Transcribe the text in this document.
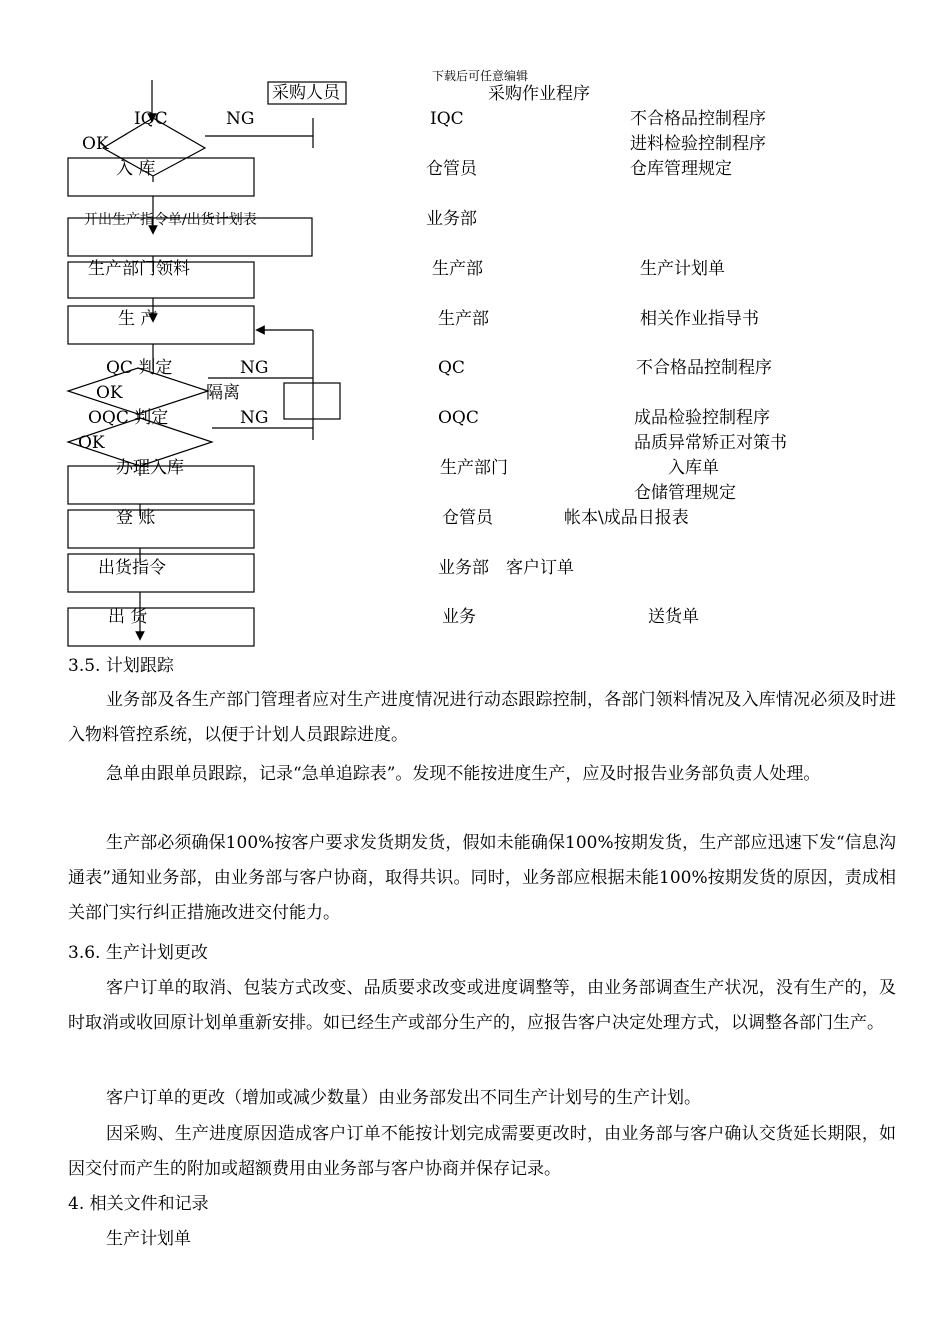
下载后可任意编辑
采购人员	采购作业程序
IQC	NG
OK
IQC	不合格品控制程序
进料检验控制程序
入 库	仓管员	仓库管理规定
开出生产指令单/出货计划表	业务部
生产部门领料	生产部	生产计划单
生 产	生产部	相关作业指导书
QC 判定	NG
OK	隔离
QC	不合格品控制程序
OQC 判定	NG
OK
OQC	成品检验控制程序
品质异常矫正对策书
办理入库	生产部门	入库单
仓储管理规定
登 账	仓管员	帐本\成品日报表
出货指令	业务部 客户订单
出 货	业务	送货单
3.5. 计划跟踪
业务部及各生产部门管理者应对生产进度情况进行动态跟踪控制，各部门领料情况及入库情况必须及时进入物料管控系统，以便于计划人员跟踪进度。
急单由跟单员跟踪，记录“急单追踪表”。发现不能按进度生产，应及时报告业务部负责人处理。
生产部必须确保100%按客户要求发货期发货，假如未能确保100%按期发货，生产部应迅速下发“信息沟通表”通知业务部，由业务部与客户协商，取得共识。同时，业务部应根据未能100%按期发货的原因，责成相关部门实行纠正措施改进交付能力。
3.6. 生产计划更改
客户订单的取消、包装方式改变、品质要求改变或进度调整等，由业务部调查生产状况，没有生产的，及时取消或收回原计划单重新安排。如已经生产或部分生产的，应报告客户决定处理方式，以调整各部门生产。
客户订单的更改（增加或减少数量）由业务部发出不同生产计划号的生产计划。
因采购、生产进度原因造成客户订单不能按计划完成需要更改时，由业务部与客户确认交货延长期限，如因交付而产生的附加或超额费用由业务部与客户协商并保存记录。
4. 相关文件和记录
生产计划单
